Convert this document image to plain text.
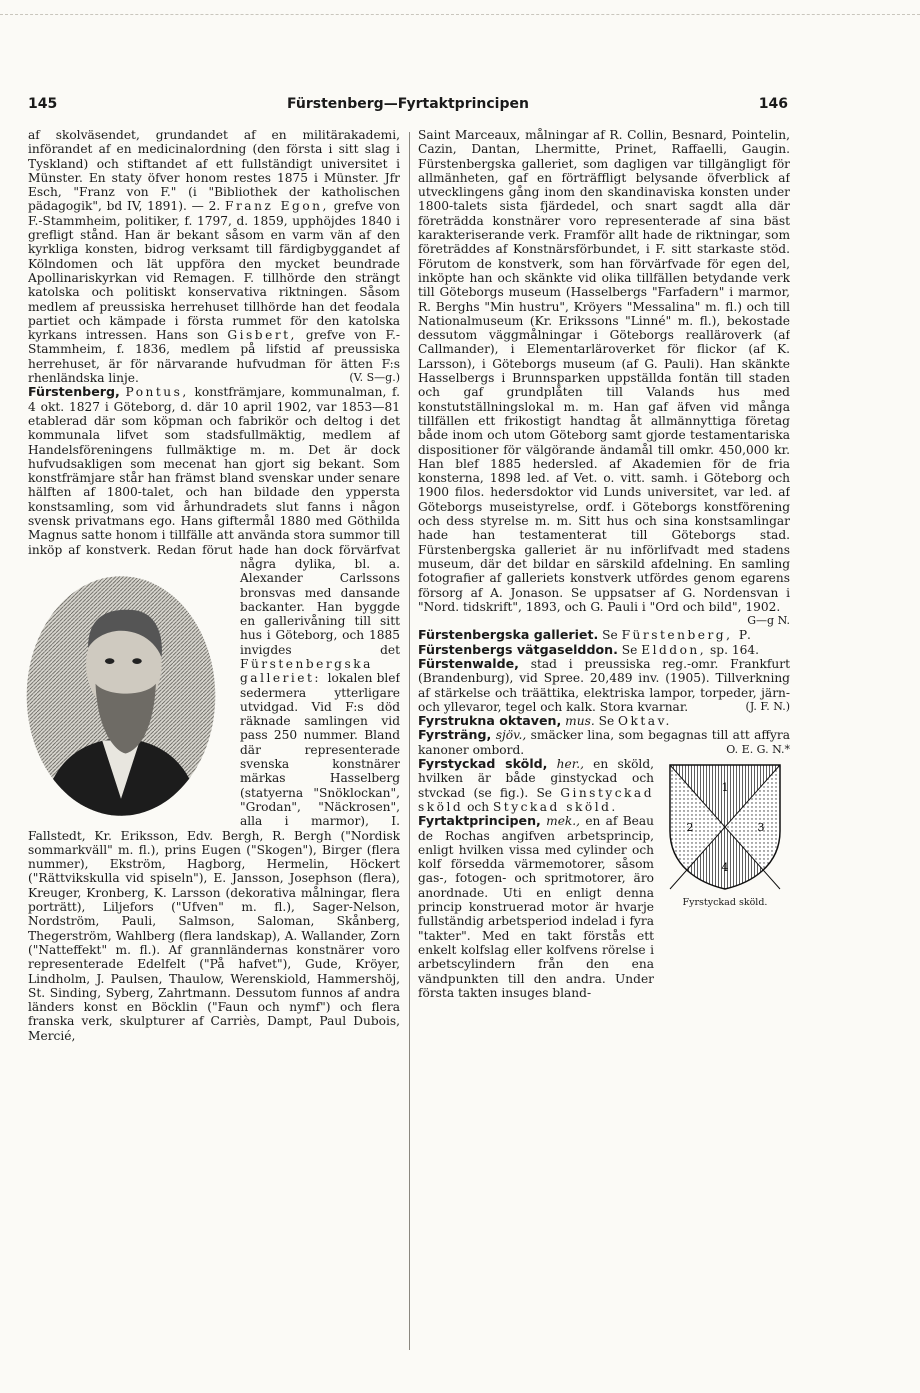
145	Fürstenberg—Fyrtaktprincipen	146

af skolväsendet, grundandet af en militärakademi, införandet af en medicinalordning (den första i sitt slag i Tyskland) och stiftandet af ett fullständigt universitet i Münster. En staty öfver honom restes 1875 i Münster. Jfr Esch, "Franz von F." (i "Bibliothek der katholischen pädagogik", bd IV, 1891). — 2. Franz Egon, grefve von F.-Stammheim, politiker, f. 1797, d. 1859, upphöjdes 1840 i grefligt stånd. Han är bekant såsom en varm vän af den kyrkliga konsten, bidrog verksamt till färdigbyggandet af Kölndomen och lät uppföra den mycket beundrade Apollinariskyrkan vid Remagen. F. tillhörde den strängt katolska och politiskt konservativa riktningen. Såsom medlem af preussiska herrehuset tillhörde han det feodala partiet och kämpade i första rummet för den katolska kyrkans intressen. Hans son Gisbert, grefve von F.-Stammheim, f. 1836, medlem på lifstid af preussiska herrehuset, är för närvarande hufvudman för ätten F:s rhenländska linje.	(V. S—g.)

Fürstenberg, Pontus, konstfrämjare, kommunalman, f. 4 okt. 1827 i Göteborg, d. där 10 april 1902, var 1853—81 etablerad där som köpman och fabrikör och deltog i det kommunala lifvet som stadsfullmäktig, medlem af Handelsföreningens fullmäktige m. m. Det är dock hufvudsakligen som mecenat han gjort sig bekant. Som konstfrämjare står han främst bland svenskar under senare hälften af 1800-talet, och han bildade den yppersta konstsamling, som vid århundradets slut fanns i någon svensk privatmans ego. Hans giftermål 1880 med Göthilda Magnus satte honom i tillfälle att använda stora summor till inköp af konstverk. Redan förut hade han dock förvärfvat några dylika, bl. a. Alexander Carlssons bronsvas med dansande backanter. Han byggde en gallerivåning till sitt hus i Göteborg, och 1885 invigdes det Fürstenbergska galleriet: lokalen blef sedermera ytterligare utvidgad. Vid F:s död räknade samlingen vid pass 250 nummer. Bland där representerade svenska konstnärer märkas Hasselberg (statyerna "Snöklockan", "Grodan", "Näckrosen", alla i marmor), I. Fallstedt, Kr. Eriksson, Edv. Bergh, R. Bergh ("Nordisk sommarkväll" m. fl.), prins Eugen ("Skogen"), Birger (flera nummer), Ekström, Hagborg, Hermelin, Höckert ("Rättvikskulla vid spiseln"), E. Jansson, Josephson (flera), Kreuger, Kronberg, K. Larsson (dekorativa målningar, flera porträtt), Liljefors ("Ufven" m. fl.), Sager-Nelson, Nordström, Pauli, Salmson, Saloman, Skånberg, Thegerström, Wahlberg (flera landskap), A. Wallander, Zorn ("Natteffekt" m. fl.). Af grannländernas konstnärer voro representerade Edelfelt ("På hafvet"), Gude, Kröyer, Lindholm, J. Paulsen, Thaulow, Werenskiold, Hammershöj, St. Sinding, Syberg, Zahrtmann. Dessutom funnos af andra länders konst en Böcklin ("Faun och nymf") och flera franska verk, skulpturer af Carriès, Dampt, Paul Dubois, Mercié,

Saint Marceaux, målningar af R. Collin, Besnard, Pointelin, Cazin, Dantan, Lhermitte, Prinet, Raffaelli, Gaugin. Fürstenbergska galleriet, som dagligen var tillgängligt för allmänheten, gaf en förträffligt belysande öfverblick af utvecklingens gång inom den skandinaviska konsten under 1800-talets sista fjärdedel, och snart sagdt alla där företrädda konstnärer voro representerade af sina bäst karakteriserande verk. Framför allt hade de riktningar, som företräddes af Konstnärsförbundet, i F. sitt starkaste stöd. Förutom de konstverk, som han förvärfvade för egen del, inköpte han och skänkte vid olika tillfällen betydande verk till Göteborgs museum (Hasselbergs "Farfadern" i marmor, R. Berghs "Min hustru", Kröyers "Messalina" m. fl.) och till Nationalmuseum (Kr. Erikssons "Linné" m. fl.), bekostade dessutom väggmålningar i Göteborgs realläroverk (af Callmander), i Elementarläroverket för flickor (af K. Larsson), i Göteborgs museum (af G. Pauli). Han skänkte Hasselbergs i Brunnsparken uppställda fontän till staden och gaf grundplåten till Valands hus med konstutställningslokal m. m. Han gaf äfven vid många tillfällen ett frikostigt handtag åt allmännyttiga företag både inom och utom Göteborg samt gjorde testamentariska dispositioner för välgörande ändamål till omkr. 450,000 kr. Han blef 1885 hedersled. af Akademien för de fria konsterna, 1898 led. af Vet. o. vitt. samh. i Göteborg och 1900 filos. hedersdoktor vid Lunds universitet, var led. af Göteborgs museistyrelse, ordf. i Göteborgs konstförening och dess styrelse m. m. Sitt hus och sina konstsamlingar hade han testamenterat till Göteborgs stad. Fürstenbergska galleriet är nu införlifvadt med stadens museum, där det bildar en särskild afdelning. En samling fotografier af galleriets konstverk utfördes genom egarens försorg af A. Jonason. Se uppsatser af G. Nordensvan i "Nord. tidskrift", 1893, och G. Pauli i "Ord och bild", 1902.
G—g N.

Fürstenbergska galleriet. Se Fürstenberg, P.

Fürstenbergs vätgaselddon. Se Elddon, sp. 164.

Fürstenwalde, stad i preussiska reg.-omr. Frankfurt (Brandenburg), vid Spree. 20,489 inv. (1905). Tillverkning af stärkelse och träättika, elektriska lampor, torpeder, järn- och yllevaror, tegel och kalk. Stora kvarnar.	(J. F. N.)

Fyrstrukna oktaven, mus. Se Oktav.

Fyrsträng, sjöv., smäcker lina, som begagnas till att affyra kanoner ombord.	O. E. G. N.*

1
2	3
4
Fyrstyckad sköld.

Fyrstyckad sköld, her., en sköld, hvilken är både ginstyckad och stvckad (se fig.). Se Ginstyckad sköld och Styckad sköld.

Fyrtaktprincipen, mek., en af Beau de Rochas angifven arbetsprincip, enligt hvilken vissa med cylinder och kolf försedda värmemotorer, såsom gas-, fotogen- och spritmotorer, äro anordnade. Uti en enligt denna princip konstruerad motor är hvarje fullständig arbetsperiod indelad i fyra "takter". Med en takt förstås ett enkelt kolfslag eller kolfvens rörelse i arbetscylindern från den ena vändpunkten till den andra. Under första takten insuges bland-
